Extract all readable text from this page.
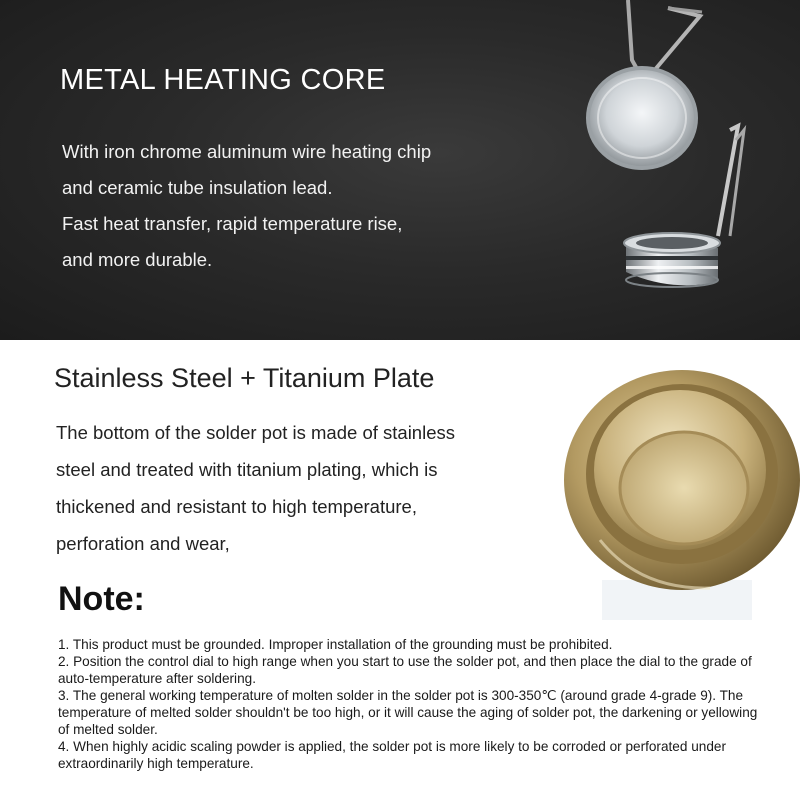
METAL HEATING CORE
With iron chrome aluminum wire heating chip
and ceramic tube insulation lead.
Fast heat transfer, rapid temperature rise,
and more durable.
Stainless Steel + Titanium Plate
The bottom of the solder pot is made of stainless
steel and treated with titanium plating, which is
thickened and resistant to high temperature,
perforation and wear,
Note:

1. This product must be grounded. Improper installation of the grounding must be prohibited.

2. Position the control dial to high range when you start to use the solder pot, and then place the dial to the grade of auto-temperature after soldering.

3. The general working temperature of molten solder in the solder pot is 300-350℃ (around grade 4-grade 9). The temperature of melted solder shouldn't be too high, or it will cause the aging of solder pot, the darkening or yellowing of melted solder.

4. When highly acidic scaling powder is applied, the solder pot is more likely to be corroded or perforated under extraordinarily high temperature.
